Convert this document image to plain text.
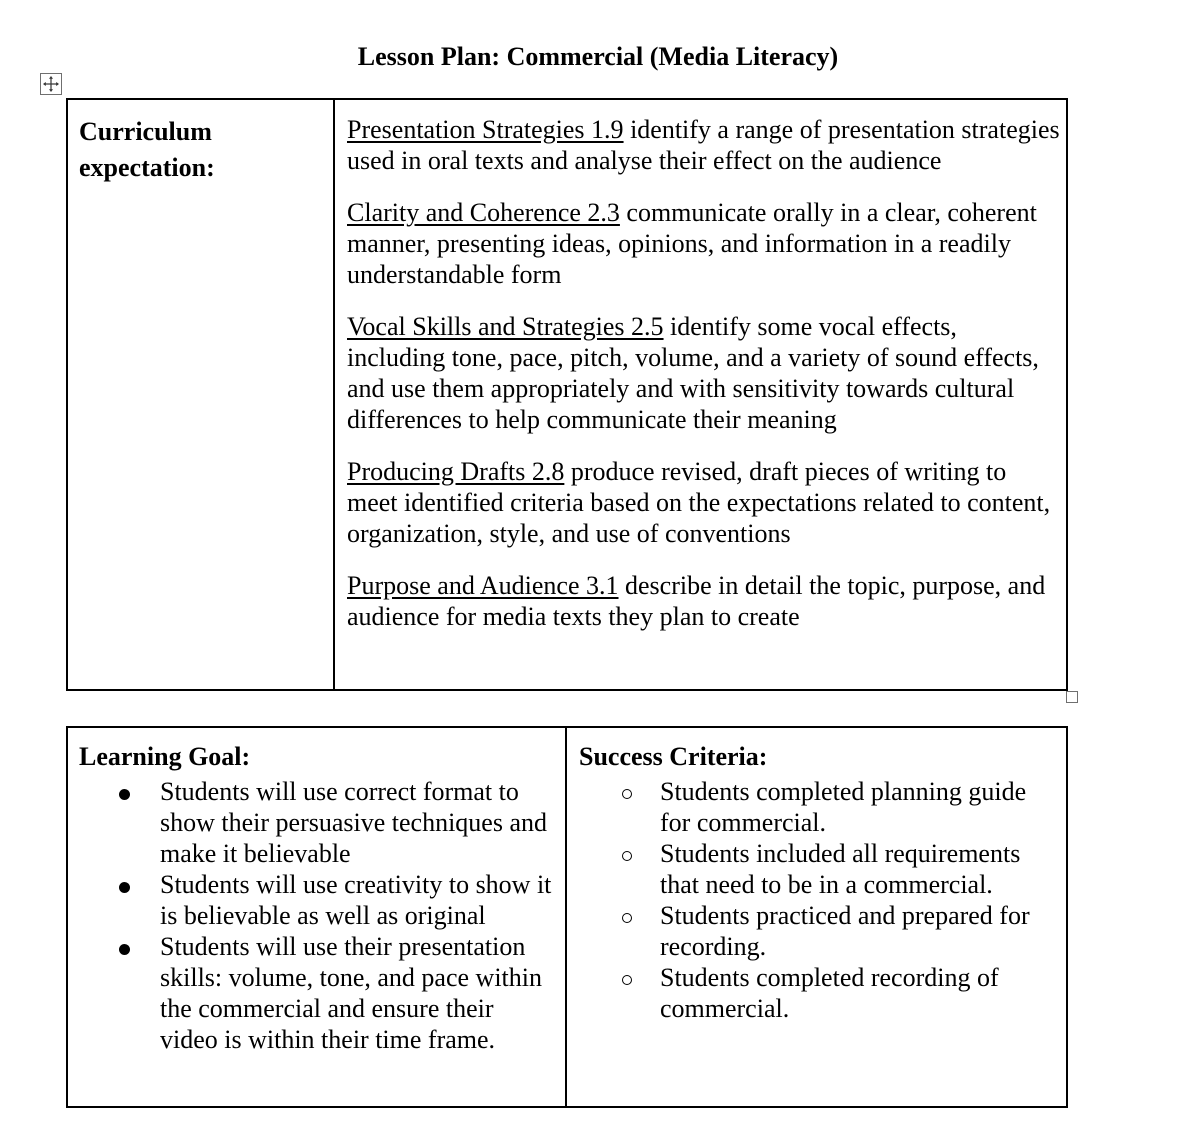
Lesson Plan: Commercial (Media Literacy)
Curriculum
expectation:

Presentation Strategies 1.9 identify a range of presentation strategies used in oral texts and analyse their effect on the audience

Clarity and Coherence 2.3 communicate orally in a clear, coherent manner, presenting ideas, opinions, and information in a readily understandable form

Vocal Skills and Strategies 2.5 identify some vocal effects, including tone, pace, pitch, volume, and a variety of sound effects, and use them appropriately and with sensitivity towards cultural differences to help communicate their meaning

Producing Drafts 2.8 produce revised, draft pieces of writing to meet identified criteria based on the expectations related to content, organization, style, and use of conventions

Purpose and Audience 3.1 describe in detail the topic, purpose, and audience for media texts they plan to create

Learning Goal:
Students will use correct format to show their persuasive techniques and make it believable
Students will use creativity to show it is believable as well as original
Students will use their presentation skills: volume, tone, and pace within the commercial and ensure their video is within their time frame.

Success Criteria:
Students completed planning guide for commercial.
Students included all requirements that need to be in a commercial.
Students practiced and prepared for recording.
Students completed recording of commercial.
